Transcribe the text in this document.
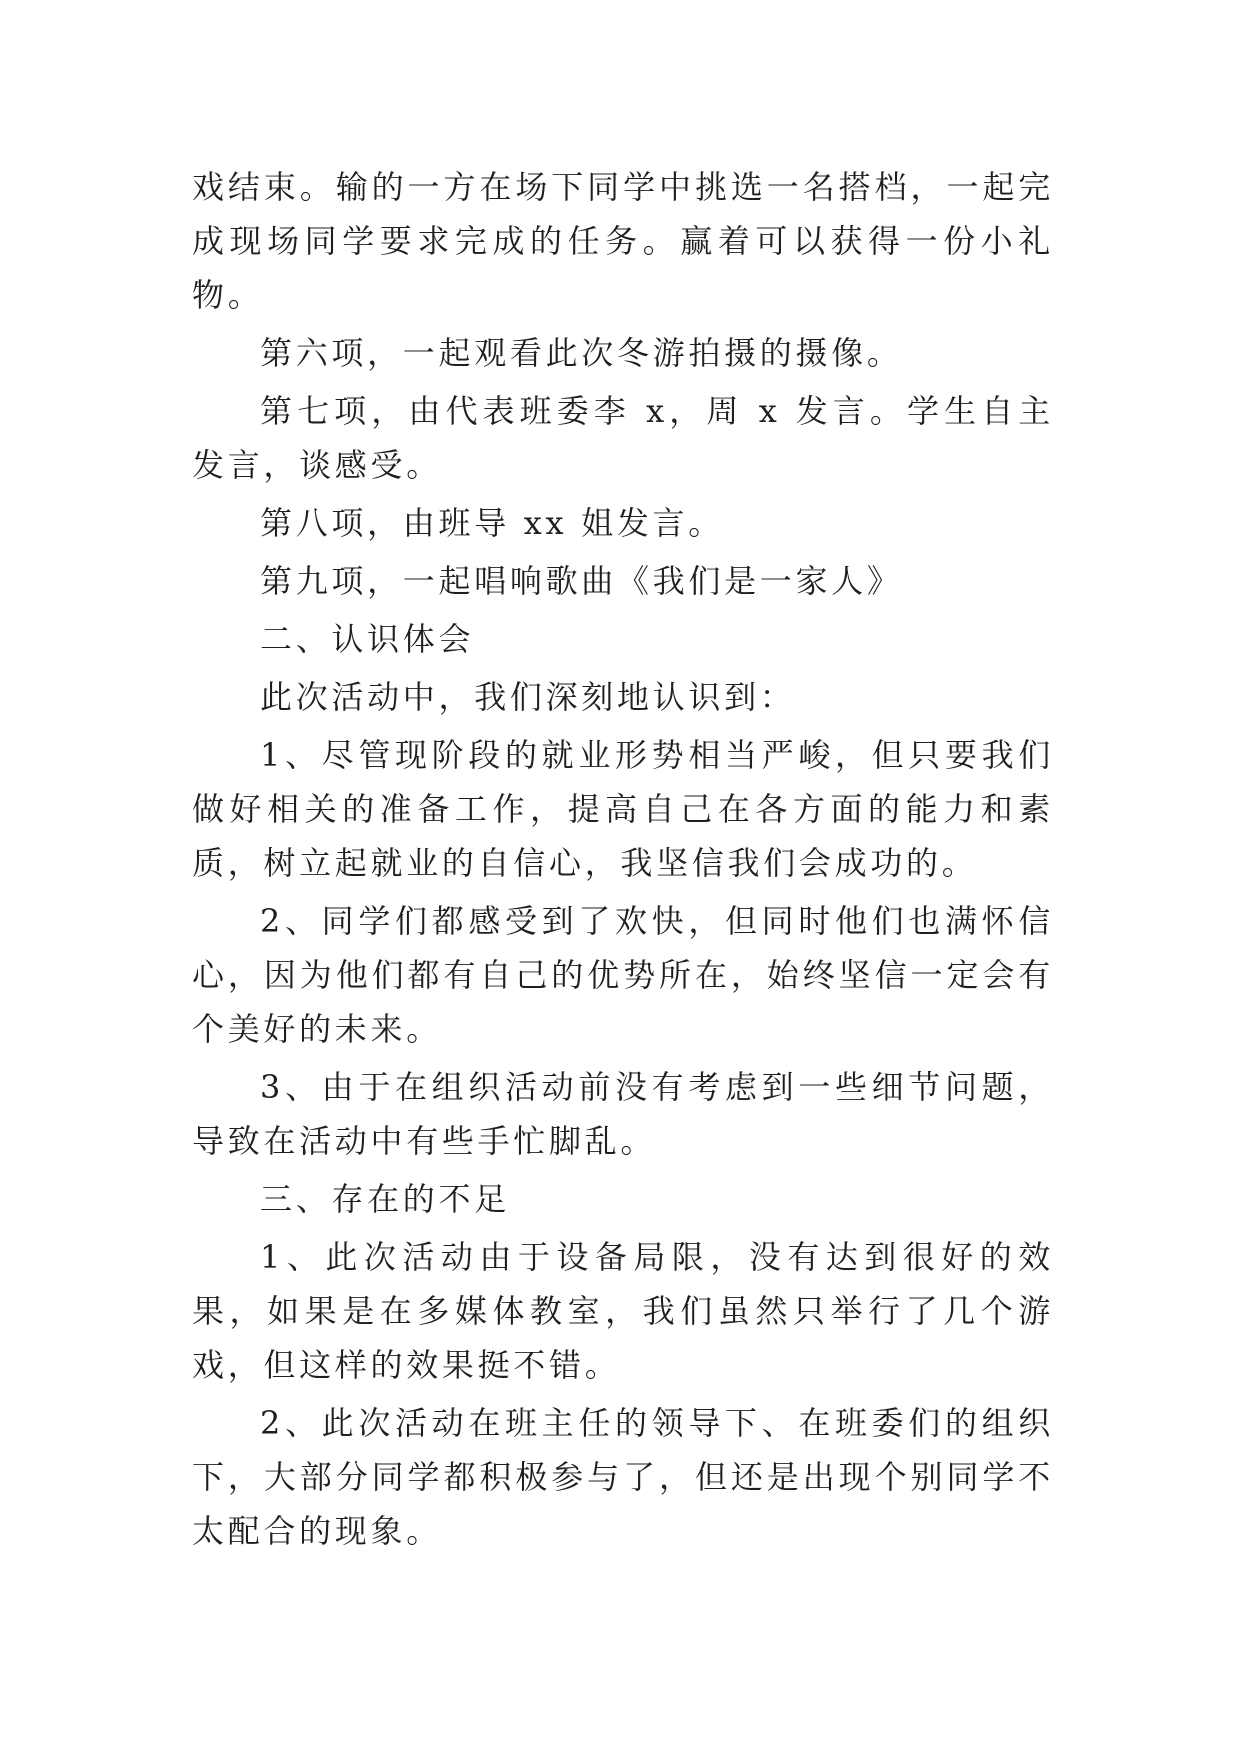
戏结束。输的一方在场下同学中挑选一名搭档，一起完成现场同学要求完成的任务。赢着可以获得一份小礼物。

第六项，一起观看此次冬游拍摄的摄像。

第七项，由代表班委李 x，周 x 发言。学生自主发言，谈感受。

第八项，由班导 xx 姐发言。

第九项，一起唱响歌曲《我们是一家人》

二、认识体会

此次活动中，我们深刻地认识到：

1、尽管现阶段的就业形势相当严峻，但只要我们做好相关的准备工作，提高自己在各方面的能力和素质，树立起就业的自信心，我坚信我们会成功的。

2、同学们都感受到了欢快，但同时他们也满怀信心，因为他们都有自己的优势所在，始终坚信一定会有个美好的未来。

3、由于在组织活动前没有考虑到一些细节问题，导致在活动中有些手忙脚乱。

三、存在的不足

1、此次活动由于设备局限，没有达到很好的效果，如果是在多媒体教室，我们虽然只举行了几个游戏，但这样的效果挺不错。

2、此次活动在班主任的领导下、在班委们的组织下，大部分同学都积极参与了，但还是出现个别同学不太配合的现象。
